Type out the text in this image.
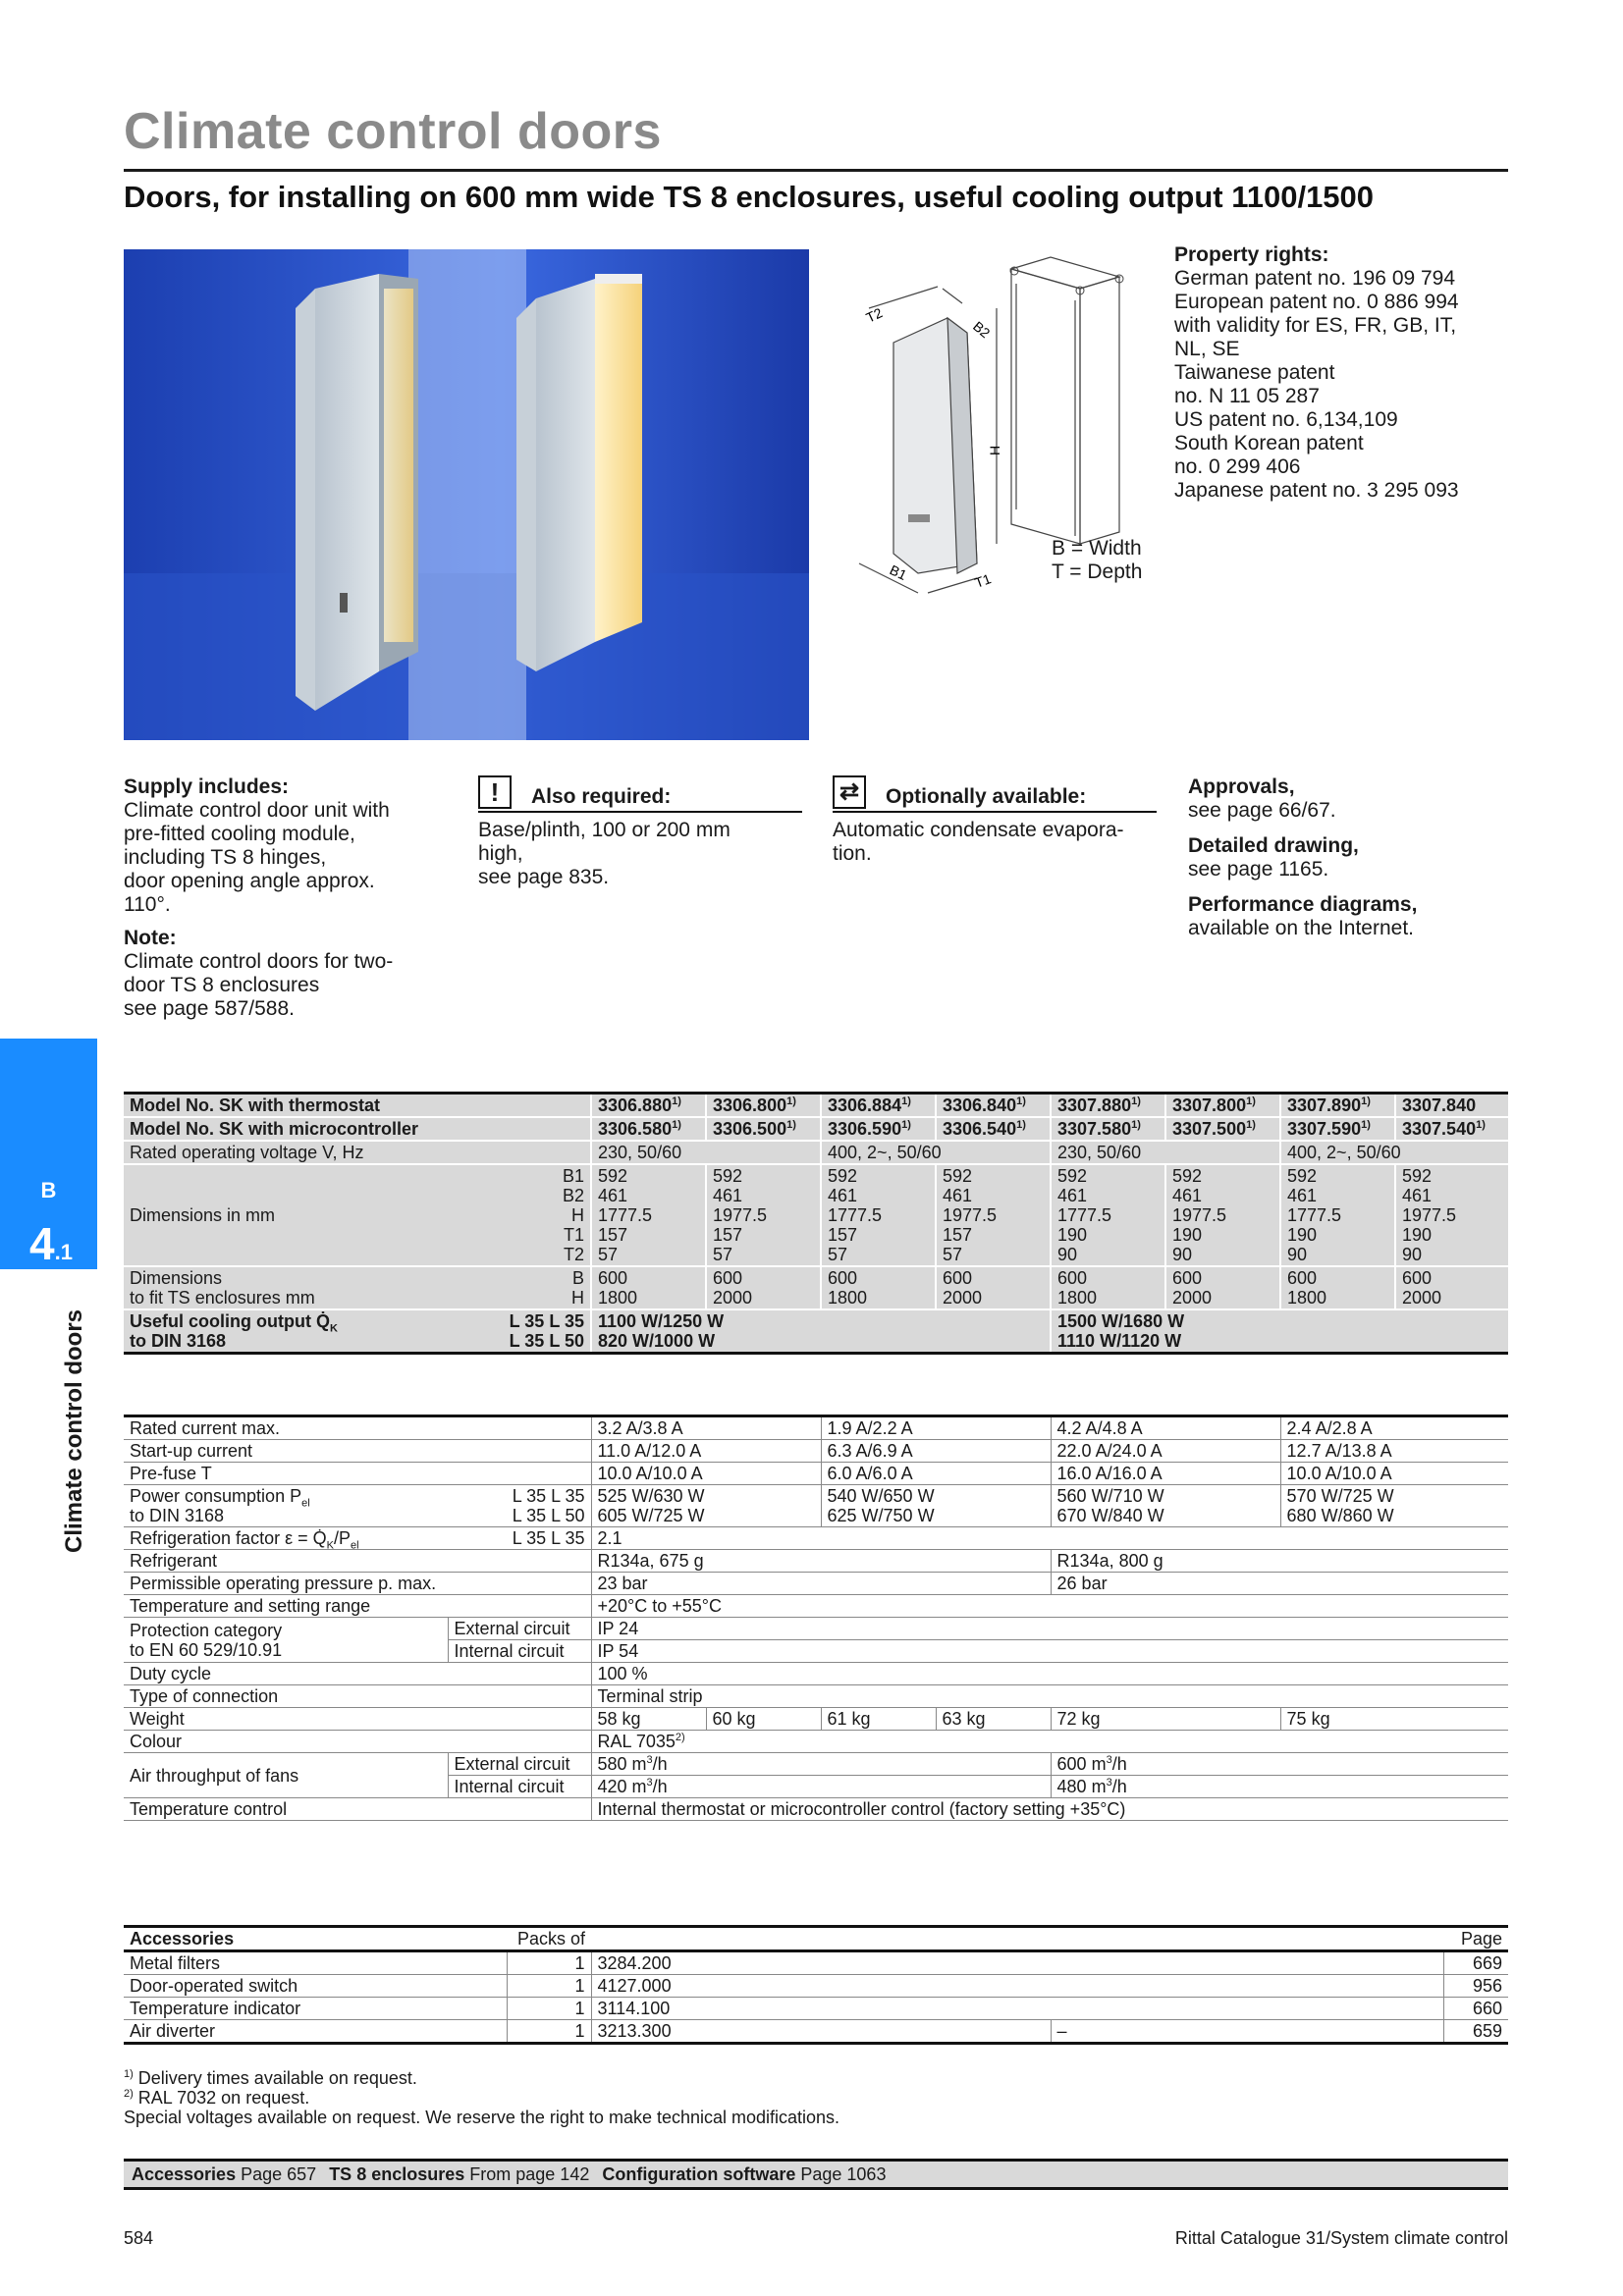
Climate control doors
Doors, for installing on 600 mm wide TS 8 enclosures, useful cooling output 1100/1500
T2
B2
H
B1	T1
B = Width
T = Depth
Property rights:
German patent no. 196 09 794
European patent no. 0 886 994
with validity for ES, FR, GB, IT,
NL, SE
Taiwanese patent
no. N 11 05 287
US patent no. 6,134,109
South Korean patent
no. 0 299 406
Japanese patent no. 3 295 093
Supply includes:
Climate control door unit with
pre-fitted cooling module,
including TS 8 hinges,
door opening angle approx.
110°.
Note:
Climate control doors for two-
door TS 8 enclosures
see page 587/588.
! Also required:
Base/plinth, 100 or 200 mm
high,
see page 835.
⇄ Optionally available:
Automatic condensate evapora-
tion.
Approvals,
see page 66/67.
Detailed drawing,
see page 1165.
Performance diagrams,
available on the Internet.
B
4.1
Climate control doors
Model No. SK with thermostat		3306.880$^{1)}$	3306.800$^{1)}$	3306.884$^{1)}$	3306.840$^{1)}$	3307.880$^{1)}$	3307.800$^{1)}$	3307.890$^{1)}$	3307.840
Model No. SK with microcontroller		3306.580$^{1)}$	3306.500$^{1)}$	3306.590$^{1)}$	3306.540$^{1)}$	3307.580$^{1)}$	3307.500$^{1)}$	3307.590$^{1)}$	3307.540$^{1)}$
Rated operating voltage V, Hz		230, 50/60		400, 2~, 50/60		230, 50/60		400, 2~, 50/60	
Dimensions in mm	B1
B2
H
T1
T2	592
461
1777.5
157
57	592
461
1977.5
157
57	592
461
1777.5
157
57	592
461
1977.5
157
57	592
461
1777.5
190
90	592
461
1977.5
190
90	592
461
1777.5
190
90	592
461
1977.5
190
90
Dimensions
to fit TS enclosures mm	B
H	600
1800	600
2000	600
1800	600
2000	600
1800	600
2000	600
1800	600
2000
Useful cooling output $Q̇_K$
to DIN 3168	L 35 L 35
L 35 L 50	1100 W/1250 W
820 W/1000 W				1500 W/1680 W
1110 W/1120 W			
Rated current max.		3.2 A/3.8 A		1.9 A/2.2 A		4.2 A/4.8 A	2.4 A/2.8 A
Start-up current		11.0 A/12.0 A		6.3 A/6.9 A		22.0 A/24.0 A	12.7 A/13.8 A
Pre-fuse T		10.0 A/10.0 A		6.0 A/6.0 A		16.0 A/16.0 A	10.0 A/10.0 A
Power consumption $P_{el}$
to DIN 3168	L 35 L 35
L 35 L 50	525 W/630 W
605 W/725 W		540 W/650 W
625 W/750 W		560 W/710 W
670 W/840 W	570 W/725 W
680 W/860 W
Refrigeration factor $\varepsilon = Q̇_K/P_{el}$	L 35 L 35	2.1					
Refrigerant		R134a, 675 g				R134a, 800 g	
Permissible operating pressure p. max.		23 bar				26 bar	
Temperature and setting range		+20°C to +55°C					
Protection category
to EN 60 529/10.91	External circuit	IP 24					
	Internal circuit	IP 54					
Duty cycle		100 %					
Type of connection		Terminal strip					
Weight		58 kg	60 kg	61 kg	63 kg	72 kg	75 kg
Colour		RAL 7035$^{2)}$
Air throughput of fans	External circuit	580 $m^3/h$				600 $m^3/h$	
	Internal circuit	420 $m^3/h$				480 $m^3/h$	
Temperature control		Internal thermostat or microcontroller control (factory setting +35°C)					
Accessories	Packs of			Page
Metal filters	1	3284.200		669
Door-operated switch	1	4127.000		956
Temperature indicator	1	3114.100		660
Air diverter	1	3213.300	–	659
$^{1)}$ Delivery times available on request.
$^{2)}$ RAL 7032 on request.
Special voltages available on request. We reserve the right to make technical modifications.
Accessories Page 657 TS 8 enclosures From page 142 Configuration software Page 1063
584	Rittal Catalogue 31/System climate control
